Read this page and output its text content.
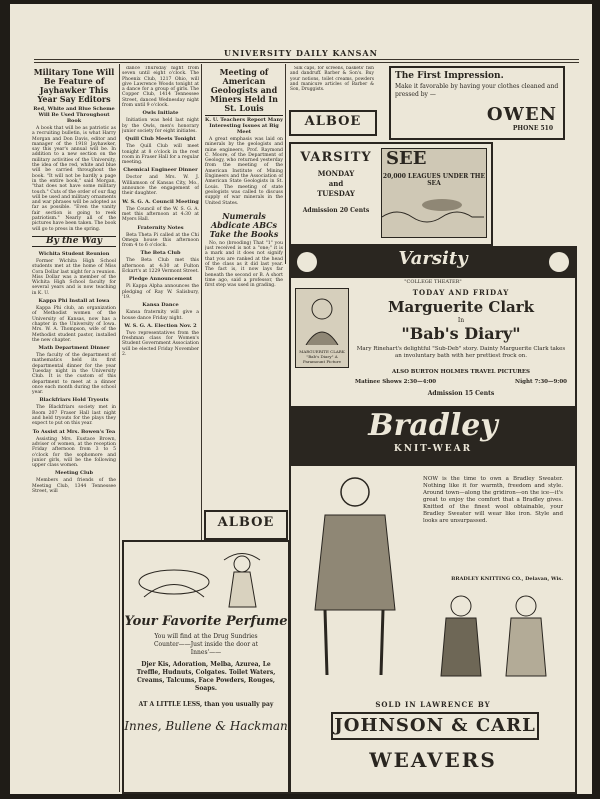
UNIVERSITY DAILY KANSAN
Military Tone Will Be Feature of Jayhawker This Year Say Editors
Red, White and Blue Scheme Will Be Used Throughout Book

A book that will be as patriotic as a recruiting bulletin, is what Harry Morgan and Don Davis, editor and manager of the 1918 Jayhawker, say this year's annual will be. In addition to a new section on the military activities of the University, the idea of the red, white and blue will be carried throughout the book. "It will not be hardly a page in the entire book," said Morgan, "that does not have some military touch." Cuts of the order of our flag will be used and military ornaments and war phrases will be adopted as far as possible. "Even the vanity fair section is going to reek patriotism." Nearly all of the pictures have been taken. The book will go to press in the spring.

By the Way
Wichita Student Reunion

Former Wichita High School students met at the home of Miss Cora Dollar last night for a reunion. Miss Dollar was a member of the Wichita High School faculty for several years and is now teaching in K. U.

Kappa Phi Install at Iowa

Kappa Phi club, an organization of Methodist women of the University of Kansas, now has a chapter in the University of Iowa. Mrs. W. A. Thompson, wife of the Methodist student pastor, installed the new chapter.

Math Department Dinner

The faculty of the department of mathematics held its first departmental dinner for the year Tuesday night in the University Club. It is the custom of this department to meet at a dinner once each month during the school year.

Blackfriars Hold Tryouts

The Blackfriars society met in Room 207 Fraser Hall last night and held tryouts for the plays they expect to put on this year.

To Assist at Mrs. Bowen's Tea

Assisting Mrs. Eustace Brown, adviser of women, at the reception Friday afternoon from 3 to 5 o'clock for the sophomore and junior girls, will be the following upper class women.

Meeting Club

Members and friends of the Meeting Club, 1344 Tennessee Street, will

dance Thursday night from seven until eight o'clock. The Phoenix Club, 1217 Ohio, will give Lawrence Woods tonight at a dance for a group of girls. The Copper Club, 1414 Tennessee Street, danced Wednesday night from until 9 o'clock.

Owls Initiate

Initiation was held last night by the Owls, men's honorary junior society for eight initiates.

Quill Club Meets Tonight

The Quill Club will meet tonight at 8 o'clock in the rest room in Fraser Hall for a regular meeting.

Chemical Engineer Dinner

Doctor and Mrs. W. J. Williamson of Kansas City, Mo., announce the engagement of their daughter.

W. S. G. A. Council Meeting

The Council of the W. S. G. A. met this afternoon at 4:30 at Myers Hall.

Fraternity Notes

Beta Theta Pi called at the Chi Omega house this afternoon from 4 to 6 o'clock.

The Beta Club

The Beta Club met this afternoon at 4:30 at Fulton Eckart's at 1229 Vermont Street.

Pledge Announcement

Pi Kappa Alpha announces the pledging of Ray W. Salisbury, '19.

Kansa Dance

Kansa fraternity will give a house dance Friday night.

W. S. G. A. Election Nov. 2

Two representatives from the freshman class for Women's Student Government Association will be elected Friday November 2.

Meeting of American Geologists and Miners Held In St. Louis
K. U. Teachers Report Many Interesting Issues at Big Meet

A great emphasis was laid on minerals by the geologists and mine engineers, Prof. Raymond C. Moore, of the Department of Geology, who returned yesterday from the meeting of the American Institute of Mining Engineers and the Association of American State Geologists in St. Louis. The meeting of state geologists was called to discuss supply of war minerals in the United States.

Numerals Abdicate ABCs Take the Books

No, no (brooding) That "1" you just received is not a "one;" it is a mark and it does not signify that you are ranked at the head of the class as it did last year. The fact is, it now lays far beneath the second or B. A short time ago, said a professor, the first step was used in grading.

ALBOE
Your Favorite Perfume
You will find at the Drug Sundries
Counter——Just inside the door at
Innes'——
Djer Kis, Adoration, Melba, Azurea, Le Treffle, Hudnuts, Colgates. Toilet Waters, Creams, Talcums, Face Powders, Rouges, Soaps.
AT A LITTLE LESS, than you usually pay
Innes, Bullene & Hackman

Silk caps, for screens, baskets' fish and dandruff. Barber & Son's. Buy your notions, toilet creams, powders and manicure articles of Barber & Son, Druggists.

ALBOE
VARSITY
MONDAY
and
TUESDAY
Admission 20 Cents
SEE
20,000 LEAGUES UNDER THE SEA
The First Impression.
Make it favorable by having your clothes cleaned and pressed by —
OWEN
PHONE 510
Varsity
"COLLEGE THEATER"
TODAY AND FRIDAY
Marguerite Clark
In
"Bab's Diary"
Mary Rinehart's delightful "Sub-Deb" story. Dainty Marguerite Clark takes an involuntary bath with her prettiest frock on.
MARGUERITE CLARK "Bab's Diary" A Paramount Picture
ALSO BURTON HOLMES TRAVEL PICTURES
Matinee Shows 2:30—4:00	Night 7:30—9:00
Admission 15 Cents
Bradley
KNIT-WEAR
NOW is the time to own a Bradley Sweater. Nothing like it for warmth, freedom and style. Around town—along the gridiron—on the ice—it's great to enjoy the comfort that a Bradley gives. Knitted of the finest wool obtainable, your Bradley Sweater will wear like iron. Style and looks are unsurpassed.
BRADLEY KNITTING CO., Delavan, Wis.
SOLD IN LAWRENCE BY
JOHNSON & CARL
WEAVERS
